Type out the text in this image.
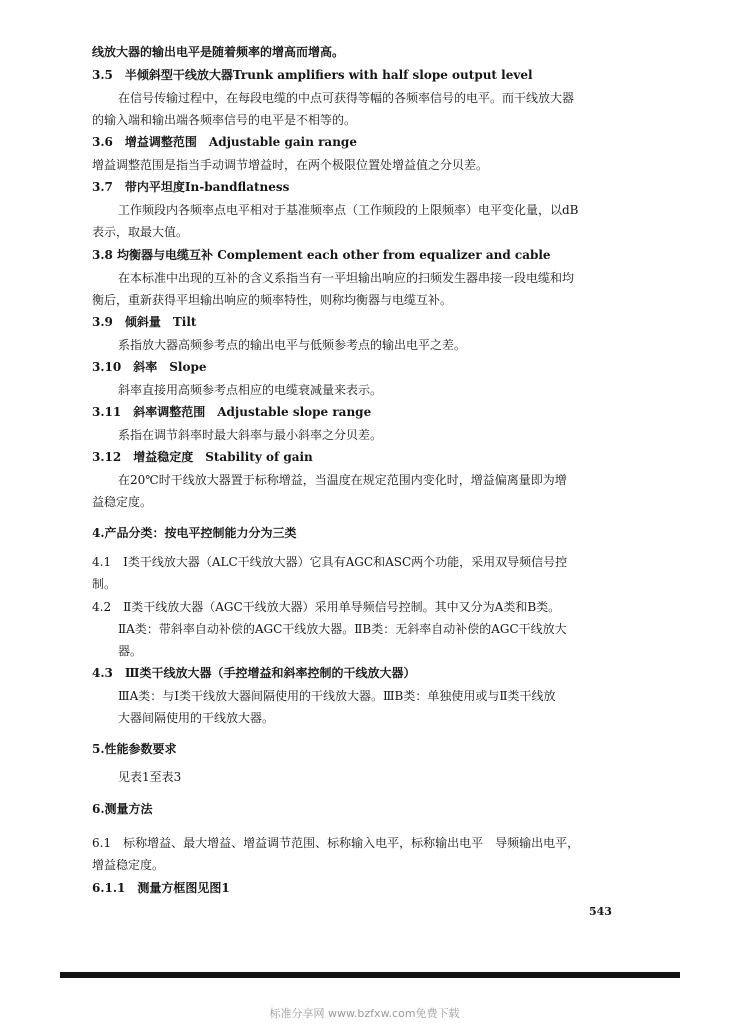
线放大器的输出电平是随着频率的增高而增高。

3.5　半倾斜型干线放大器Trunk amplifiers with half slope output level

在信号传输过程中，在每段电缆的中点可获得等幅的各频率信号的电平。而干线放大器

的输入端和输出端各频率信号的电平是不相等的。

3.6　增益调整范围　Adjustable gain range

增益调整范围是指当手动调节增益时，在两个极限位置处增益值之分贝差。

3.7　带内平坦度In-bandflatness

工作频段内各频率点电平相对于基准频率点（工作频段的上限频率）电平变化量，以dB

表示，取最大值。

3.8 均衡器与电缆互补 Complement each other from equalizer and cable

在本标准中出现的互补的含义系指当有一平坦输出响应的扫频发生器串接一段电缆和均

衡后，重新获得平坦输出响应的频率特性，则称均衡器与电缆互补。

3.9　倾斜量　Tilt

系指放大器高频参考点的输出电平与低频参考点的输出电平之差。

3.10　斜率　Slope

斜率直接用高频参考点相应的电缆衰减量来表示。

3.11　斜率调整范围　Adjustable slope range

系指在调节斜率时最大斜率与最小斜率之分贝差。

3.12　增益稳定度　Stability of gain

在20℃时干线放大器置于标称增益，当温度在规定范围内变化时，增益偏离量即为增

益稳定度。

4.产品分类：按电平控制能力分为三类

4.1　I类干线放大器（ALC干线放大器）它具有AGC和ASC两个功能，采用双导频信号控

制。

4.2　Ⅱ类干线放大器（AGC干线放大器）采用单导频信号控制。其中又分为A类和B类。

ⅡA类：带斜率自动补偿的AGC干线放大器。ⅡB类：无斜率自动补偿的AGC干线放大

器。

4.3　Ⅲ类干线放大器（手控增益和斜率控制的干线放大器）

ⅢA类：与Ⅰ类干线放大器间隔使用的干线放大器。ⅢB类：单独使用或与Ⅱ类干线放

大器间隔使用的干线放大器。

5.性能参数要求

见表1至表3

6.测量方法

6.1　标称增益、最大增益、增益调节范围、标称输入电平，标称输出电平　导频输出电平，

增益稳定度。

6.1.1　测量方框图见图1

543

标准分享网 www.bzfxw.com免费下载
